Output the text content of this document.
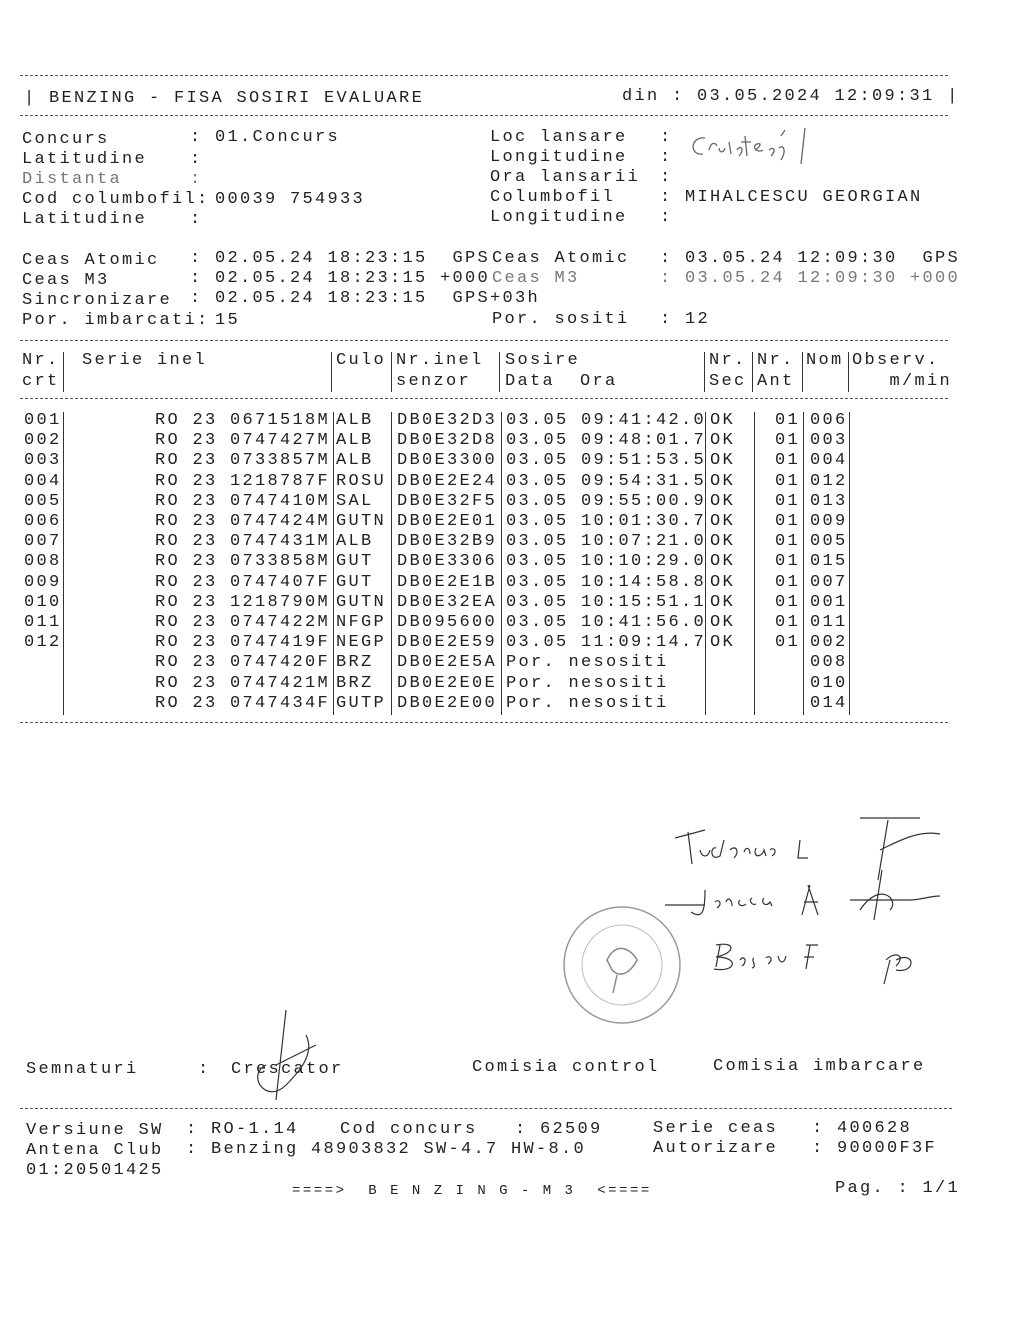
| BENZING - FISA SOSIRI EVALUARE	din : 03.05.2024 12:09:31 |
Concurs	: 01.Concurs
Latitudine	:
Distanta	:
Cod columbofil: 00039 754933
Latitudine	:
Loc lansare :
Longitudine :
Ora lansarii :
Columbofil	: MIHALCESCU GEORGIAN
Longitudine :
Ceas Atomic : 02.05.24 18:23:15  GPS
Ceas M3	: 02.05.24 18:23:15 +000
Sincronizare : 02.05.24 18:23:15  GPS+03h
Por. imbarcati: 15
Ceas Atomic : 03.05.24 12:09:30  GPS
Ceas M3	: 03.05.24 12:09:30 +000
Por. sositi : 12
Nr.
crt
Serie inel	Culo Nr.inel
senzor
Sosire
Data  Ora
Nr.
Sec
Nr.
Ant
Nom Observ.
m/min
001	RO 23 0671518M ALB DB0E32D3 03.05 09:41:42.0 OK	01 006
002	RO 23 0747427M ALB DB0E32D8 03.05 09:48:01.7 OK	01 003
003	RO 23 0733857M ALB DB0E3300 03.05 09:51:53.5 OK	01 004
004	RO 23 1218787F ROSU DB0E2E24 03.05 09:54:31.5 OK	01 012
005	RO 23 0747410M SAL DB0E32F5 03.05 09:55:00.9 OK	01 013
006	RO 23 0747424M GUTN DB0E2E01 03.05 10:01:30.7 OK	01 009
007	RO 23 0747431M ALB DB0E32B9 03.05 10:07:21.0 OK	01 005
008	RO 23 0733858M GUT DB0E3306 03.05 10:10:29.0 OK	01 015
009	RO 23 0747407F GUT DB0E2E1B 03.05 10:14:58.8 OK	01 007
010	RO 23 1218790M GUTN DB0E32EA 03.05 10:15:51.1 OK	01 001
011	RO 23 0747422M NFGP DB095600 03.05 10:41:56.0 OK	01 011
012	RO 23 0747419F NEGP DB0E2E59 03.05 11:09:14.7 OK	01 002
RO 23 0747420F BRZ DB0E2E5A Por. nesositi	008
RO 23 0747421M BRZ DB0E2E0E Por. nesositi	010
RO 23 0747434F GUTP DB0E2E00 Por. nesositi	014
Semnaturi	: Crescator	Comisia control	Comisia imbarcare
Versiune SW : RO-1.14 Cod concurs : 62509	Serie ceas : 400628
Antena Club : Benzing 48903832 SW-4.7 HW-8.0	Autorizare : 90000F3F
01:20501425
====>  B E N Z I N G - M 3  <====	Pag. : 1/1
